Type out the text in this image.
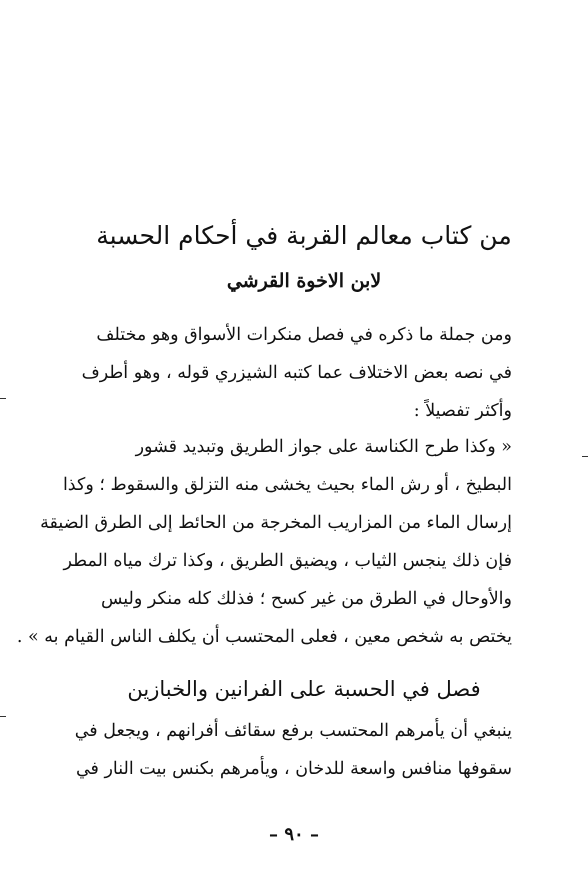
من كتاب معالم القربة في أحكام الحسبة
لابن الاخوة القرشي
ومن جملة ما ذكره في فصل منكرات الأسواق وهو مختلف
في نصه بعض الاختلاف عما كتبه الشيزري قوله ، وهو أطرف
وأكثر تفصيلاً :
« وكذا طرح الكناسة على جواز الطريق وتبديد قشور
البطيخ ، أو رش الماء بحيث يخشى منه التزلق والسقوط ؛ وكذا
إرسال الماء من المزاريب المخرجة من الحائط إلى الطرق الضيقة
فإن ذلك ينجس الثياب ، ويضيق الطريق ، وكذا ترك مياه المطر
والأوحال في الطرق من غير كسح ؛ فذلك كله منكر وليس
يختص به شخص معين ، فعلى المحتسب أن يكلف الناس القيام به » .
فصل في الحسبة على الفرانين والخبازين
ينبغي أن يأمرهم المحتسب برفع سقائف أفرانهم ، ويجعل في
سقوفها منافس واسعة للدخان ، ويأمرهم بكنس بيت النار في
– ٩٠ –
